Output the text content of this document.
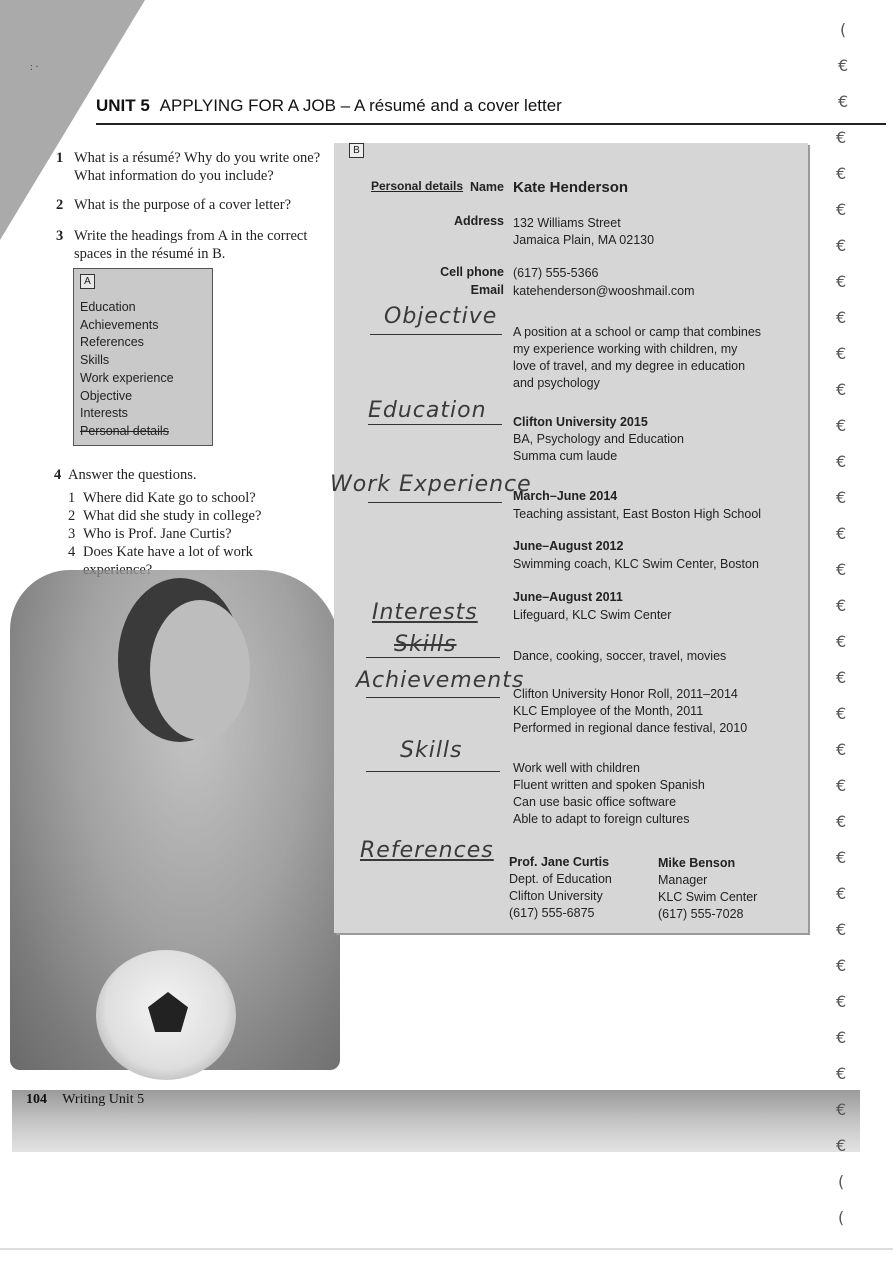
: ·
UNIT 5 APPLYING FOR A JOB – A résumé and a cover letter
1 What is a résumé? Why do you write one?
What information do you include?
2 What is the purpose of a cover letter?
3 Write the headings from A in the correct
spaces in the résumé in B.
A
Education
Achievements
References
Skills
Work experience
Objective
Interests
Personal details
4 Answer the questions.
1 Where did Kate go to school?
2 What did she study in college?
3 Who is Prof. Jane Curtis?
4 Does Kate have a lot of work
104 Writing Unit 5
B
Personal details Name Kate Henderson
Address 132 Williams Street
Jamaica Plain, MA 02130
Cell phone (617) 555-5366
Email katehenderson@wooshmail.com
Objective
A position at a school or camp that combines
my experience working with children, my
love of travel, and my degree in education
and psychology
Education Clifton University 2015
BA, Psychology and Education
Summa cum laude
Work Experience
March–June 2014
Teaching assistant, East Boston High School
June–August 2012
Swimming coach, KLC Swim Center, Boston
June–August 2011
Lifeguard, KLC Swim Center
Interests
Skills	Dance, cooking, soccer, travel, movies
Achievements
Clifton University Honor Roll, 2011–2014
KLC Employee of the Month, 2011
Performed in regional dance festival, 2010
Skills
Work well with children
Fluent written and spoken Spanish
Can use basic office software
Able to adapt to foreign cultures
References Prof. Jane Curtis
Dept. of Education
Clifton University
(617) 555-6875
Mike Benson
Manager
KLC Swim Center
(617) 555-7028
(
€
€
€
€
€
€
€
€
€
€
€
€
€
€
€
€
€
€
€
€
€
€
€
€
€
€
€
€
€
€
€
(
(
